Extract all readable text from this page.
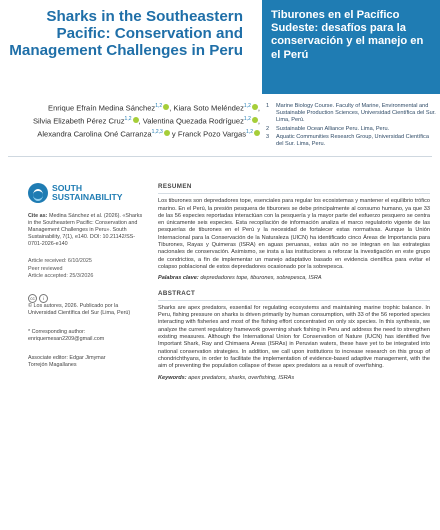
Sharks in the Southeastern Pacific: Conservation and Management Challenges in Peru
Tiburones en el Pacífico Sudeste: desafíos para la conservación y el manejo en el Perú
Enrique Efraín Medina Sánchez$^{1,2}$ , Kiara Soto Meléndez$^{1,2}$ ,
Silvia Elizabeth Pérez Cruz$^{1,2}$ , Valentina Quezada Rodríguez$^{1,2}$ ,
Alexandra Carolina Oné Carranza$^{1,2,3}$ y Franck Pozo Vargas$^{1,2}$
1	Marine Biology Course. Faculty of Marine, Environmental and Sustainable Production Sciences, Universidad Científica del Sur. Lima, Perú.
2	Sustainable Ocean Alliance Peru. Lima, Peru.
3	Aquatic Communities Research Group, Universidad Científica del Sur. Lima, Peru.
SOUTH
SUSTAINABILITY
Cite as: Medina Sánchez et al. (2026). «Sharks in the Southeastern Pacific: Conservation and Management Challenges in Peru». South Sustainability, 7(1), e140. DOI: 10.21142/SS-0701-2026-e140
Article received: 6/10/2025
Peer reviewed
Article accepted: 25/3/2026
cc i
© Los autores, 2026. Publicado por la Universidad Científica del Sur (Lima, Perú)
* Corresponding author:
enriquemesan2209@gmail.com
Associate editor: Edgar Jimymar
Torrejón Magallanes
RESUMEN

Los tiburones son depredadores tope, esenciales para regular los ecosistemas y mantener el equilibrio trófico marino. En el Perú, la presión pesquera de tiburones se debe principalmente al consumo humano, ya que 33 de las 56 especies reportadas interactúan con la pesquería y la mayor parte del esfuerzo pesquero se centra en únicamente seis especies. Esta recopilación de información analiza el marco regulatorio vigente de las pesquerías de tiburones en el Perú y la necesidad de fortalecer estas normativas. Aunque la Unión Internacional para la Conservación de la Naturaleza (UICN) ha identificado cinco Áreas de Importancia para Tiburones, Rayas y Quimeras (ISRA) en aguas peruanas, estas aún no se integran en las estrategias nacionales de conservación. Asimismo, se insta a las instituciones a reforzar la investigación en este grupo de condrictios, a fin de implementar un manejo adaptativo basado en evidencia científica para evitar el colapso poblacional de estos depredadores ocasionado por la sobrepesca.

Palabras clave: depredadores tope, tiburones, sobrepesca, ISRA

ABSTRACT

Sharks are apex predators, essential for regulating ecosystems and maintaining marine trophic balance. In Peru, fishing pressure on sharks is driven primarily by human consumption, with 33 of the 56 reported species interacting with fisheries and most of the fishing effort concentrated on only six species. In this synthesis, we analyze the current regulatory framework governing shark fishing in Peru and address the need to strengthen existing measures. Although the International Union for Conservation of Nature (IUCN) has identified five Important Shark, Ray and Chimaera Areas (ISRAs) in Peruvian waters, these have yet to be integrated into national conservation strategies. In addition, we call upon institutions to increase research on this group of chondrichthyans, in order to facilitate the implementation of evidence-based adaptive management, with the aim of preventing the population collapse of these apex predators as a result of overfishing.

Keywords: apex predators, sharks, overfishing, ISRAs
